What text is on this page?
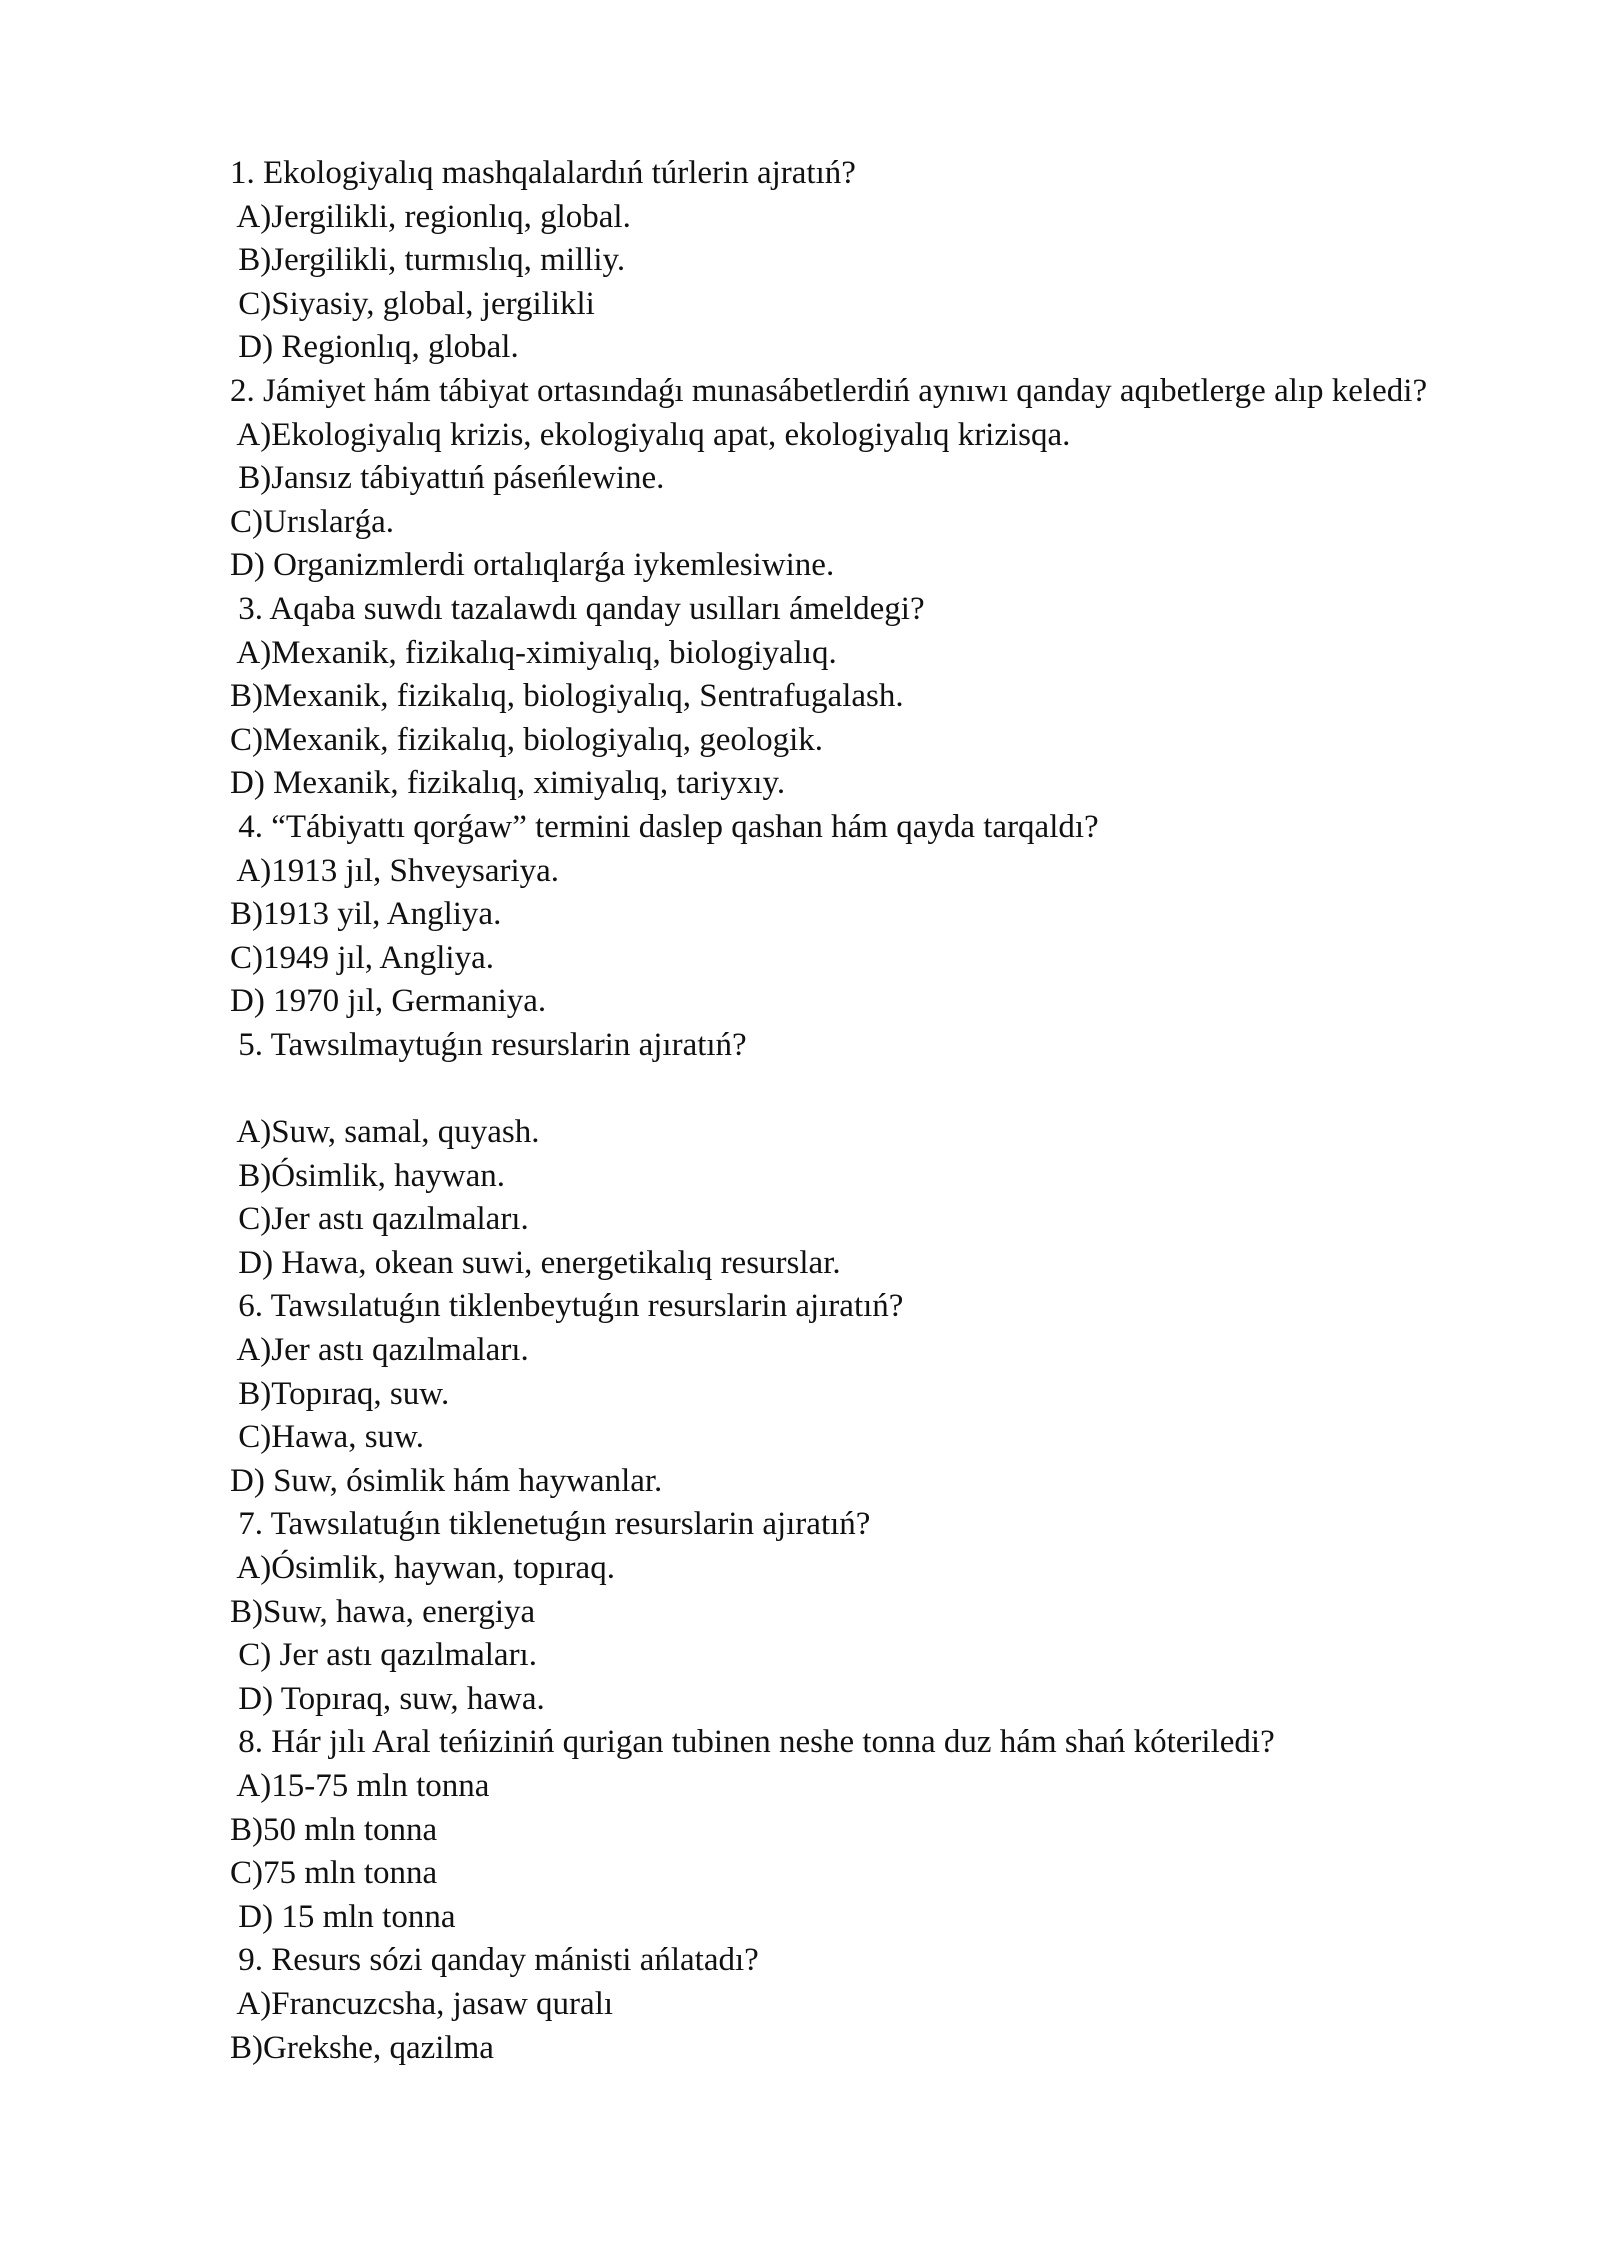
1. Ekologiyalıq mashqalalardıń túrlerin ajratıń?

A)Jergilikli, regionlıq, global.

B)Jergilikli, turmıslıq, milliy.

C)Siyasiy, global, jergilikli

D) Regionlıq, global.

2. Jámiyet hám tábiyat ortasındaǵı munasábetlerdiń aynıwı qanday aqıbetlerge alıp keledi?

A)Ekologiyalıq krizis, ekologiyalıq apat, ekologiyalıq krizisqa.

B)Jansız tábiyattıń páseńlewine.

C)Urıslarǵa.

D) Organizmlerdi ortalıqlarǵa iykemlesiwine.

3. Aqaba suwdı tazalawdı qanday usılları ámeldegi?

A)Mexanik, fizikalıq-ximiyalıq, biologiyalıq.

B)Mexanik, fizikalıq, biologiyalıq, Sentrafugalash.

C)Mexanik, fizikalıq, biologiyalıq, geologik.

D) Mexanik, fizikalıq, ximiyalıq, tariyxıy.

4. “Tábiyattı qorǵaw” termini daslep qashan hám qayda tarqaldı?

A)1913 jıl, Shveysariya.

B)1913 yil, Angliya.

C)1949 jıl, Angliya.

D) 1970 jıl, Germaniya.

5. Tawsılmaytuǵın resurslarin ajıratıń?

A)Suw, samal, quyash.

B)Ósimlik, haywan.

C)Jer astı qazılmaları.

D) Hawa, okean suwi, energetikalıq resurslar.

6. Tawsılatuǵın tiklenbeytuǵın resurslarin ajıratıń?

A)Jer astı qazılmaları.

B)Topıraq, suw.

C)Hawa, suw.

D) Suw, ósimlik hám haywanlar.

7. Tawsılatuǵın tiklenetuǵın resurslarin ajıratıń?

A)Ósimlik, haywan, topıraq.

B)Suw, hawa, energiya

C) Jer astı qazılmaları.

D) Topıraq, suw, hawa.

8. Hár jılı Aral teńiziniń qurigan tubinen neshe tonna duz hám shań kóteriledi?

A)15-75 mln tonna

B)50 mln tonna

C)75 mln tonna

D) 15 mln tonna

9. Resurs sózi qanday mánisti ańlatadı?

A)Francuzcsha, jasaw quralı

B)Grekshe, qazilma
